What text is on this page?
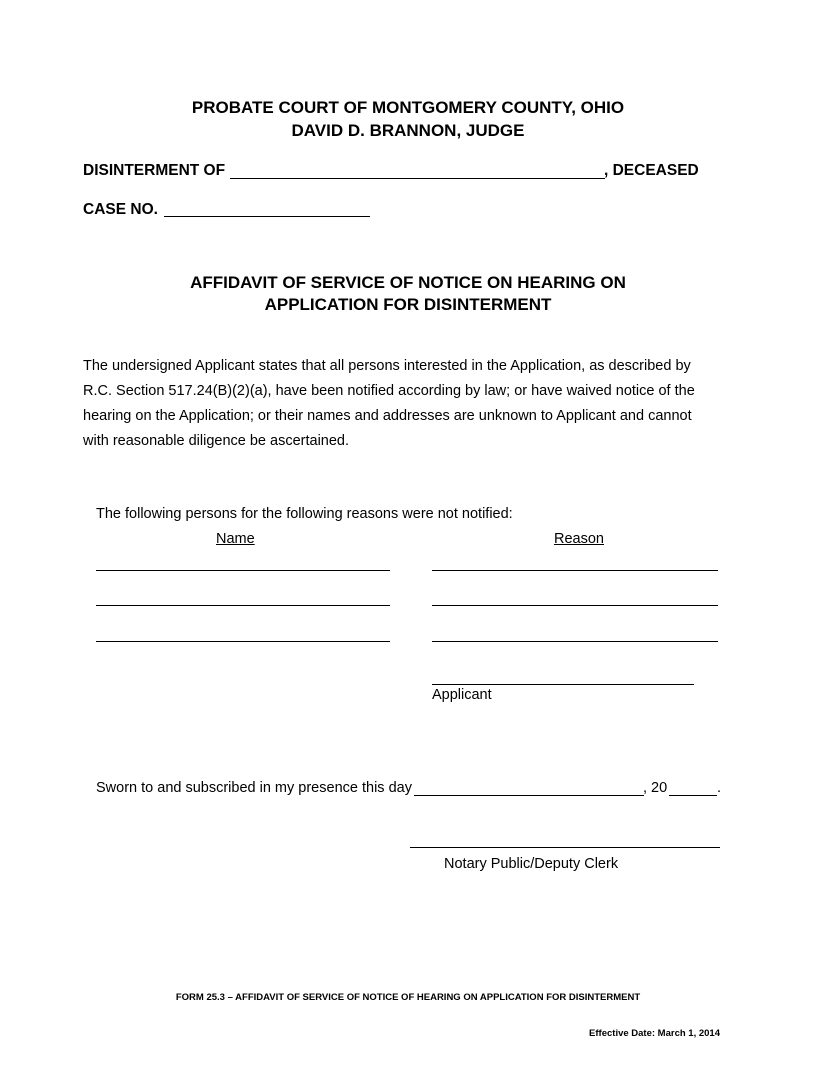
PROBATE COURT OF MONTGOMERY COUNTY, OHIO
DAVID D. BRANNON, JUDGE
DISINTERMENT OF	, DECEASED
CASE NO.
AFFIDAVIT OF SERVICE OF NOTICE ON HEARING ON
APPLICATION FOR DISINTERMENT
The undersigned Applicant states that all persons interested in the Application, as described by
R.C. Section 517.24(B)(2)(a), have been notified according by law; or have waived notice of the
hearing on the Application; or their names and addresses are unknown to Applicant and cannot
with reasonable diligence be ascertained.
The following persons for the following reasons were not notified:
Name	Reason
Applicant
Sworn to and subscribed in my presence this day	, 20	.
Notary Public/Deputy Clerk
FORM 25.3 – AFFIDAVIT OF SERVICE OF NOTICE OF HEARING ON APPLICATION FOR DISINTERMENT
Effective Date: March 1, 2014
